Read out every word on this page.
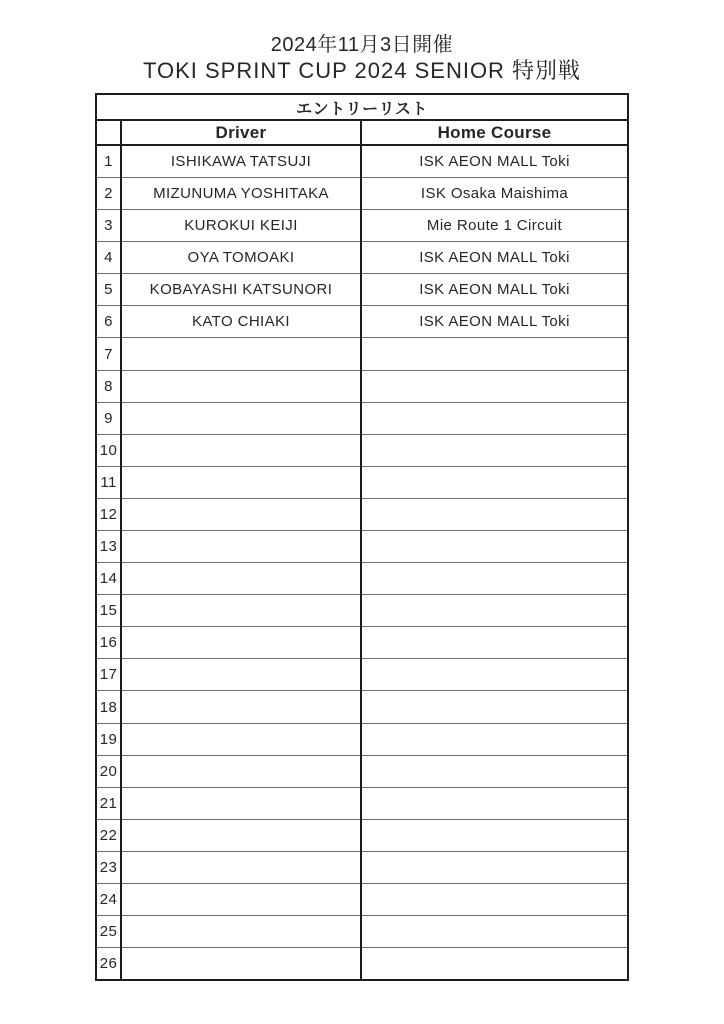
2024年11月3日開催
TOKI SPRINT CUP 2024 SENIOR 特別戦
エントリーリスト		
	Driver	Home Course
1	ISHIKAWA TATSUJI	ISK AEON MALL Toki
2	MIZUNUMA YOSHITAKA	ISK Osaka Maishima
3	KUROKUI KEIJI	Mie Route 1 Circuit
4	OYA TOMOAKI	ISK AEON MALL Toki
5	KOBAYASHI KATSUNORI	ISK AEON MALL Toki
6	KATO CHIAKI	ISK AEON MALL Toki
7		
8		
9		
10		
11		
12		
13		
14		
15		
16		
17		
18		
19		
20		
21		
22		
23		
24		
25		
26		
